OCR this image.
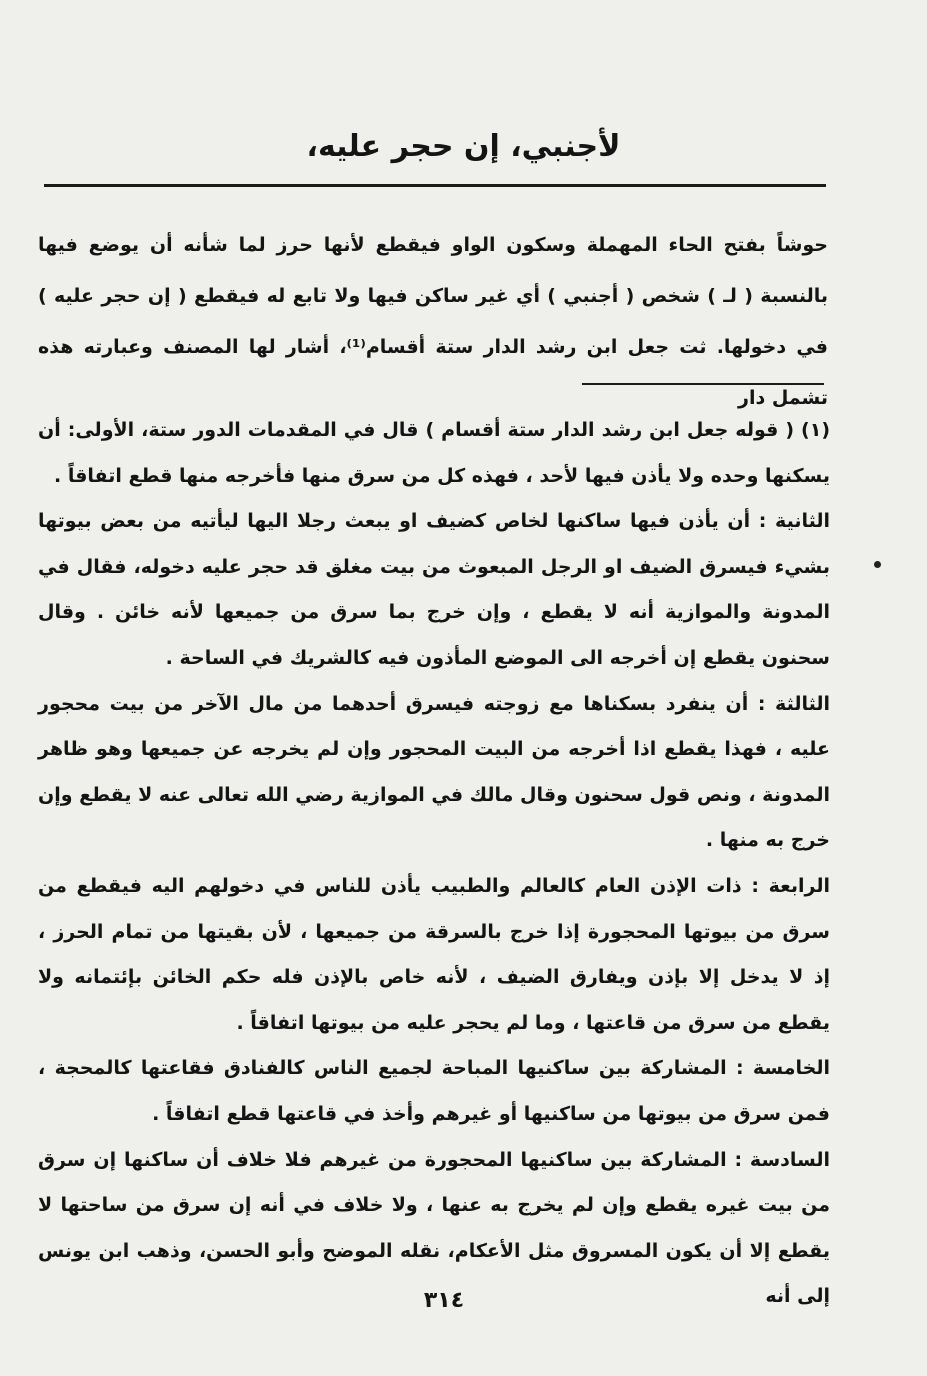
لأجنبي، إن حجر عليه،
حوشاً بفتح الحاء المهملة وسكون الواو فيقطع لأنها حرز لما شأنه أن يوضع فيها بالنسبة ( لـ ) شخص ( أجنبي ) أي غير ساكن فيها ولا تابع له فيقطع ( إن حجر عليه ) في دخولها. ثت جعل ابن رشد الدار ستة أقسام⁽¹⁾، أشار لها المصنف وعبارته هذه تشمل دار

(١) ( قوله جعل ابن رشد الدار ستة أقسام ) قال في المقدمات الدور ستة، الأولى: أن يسكنها وحده ولا يأذن فيها لأحد ، فهذه كل من سرق منها فأخرجه منها قطع اتفاقاً .

الثانية : أن يأذن فيها ساكنها لخاص كضيف او يبعث رجلا اليها ليأتيه من بعض بيوتها بشيء فيسرق الضيف او الرجل المبعوث من بيت مغلق قد حجر عليه دخوله، فقال في المدونة والموازية أنه لا يقطع ، وإن خرج بما سرق من جميعها لأنه خائن . وقال سحنون يقطع إن أخرجه الى الموضع المأذون فيه كالشريك في الساحة .

الثالثة : أن ينفرد بسكناها مع زوجته فيسرق أحدهما من مال الآخر من بيت محجور عليه ، فهذا يقطع اذا أخرجه من البيت المحجور وإن لم يخرجه عن جميعها وهو ظاهر المدونة ، ونص قول سحنون وقال مالك في الموازية رضي الله تعالى عنه لا يقطع وإن خرج به منها .

الرابعة : ذات الإذن العام كالعالم والطبيب يأذن للناس في دخولهم اليه فيقطع من سرق من بيوتها المحجورة إذا خرج بالسرقة من جميعها ، لأن بقيتها من تمام الحرز ، إذ لا يدخل إلا بإذن ويفارق الضيف ، لأنه خاص بالإذن فله حكم الخائن بإئتمانه ولا يقطع من سرق من قاعتها ، وما لم يحجر عليه من بيوتها اتفاقاً .

الخامسة : المشاركة بين ساكنيها المباحة لجميع الناس كالفنادق فقاعتها كالمحجة ، فمن سرق من بيوتها من ساكنيها أو غيرهم وأخذ في قاعتها قطع اتفاقاً .

السادسة : المشاركة بين ساكنيها المحجورة من غيرهم فلا خلاف أن ساكنها إن سرق من بيت غيره يقطع وإن لم يخرج به عنها ، ولا خلاف في أنه إن سرق من ساحتها لا يقطع إلا أن يكون المسروق مثل الأعكام، نقله الموضح وأبو الحسن، وذهب ابن يونس إلى أنه

٣١٤
